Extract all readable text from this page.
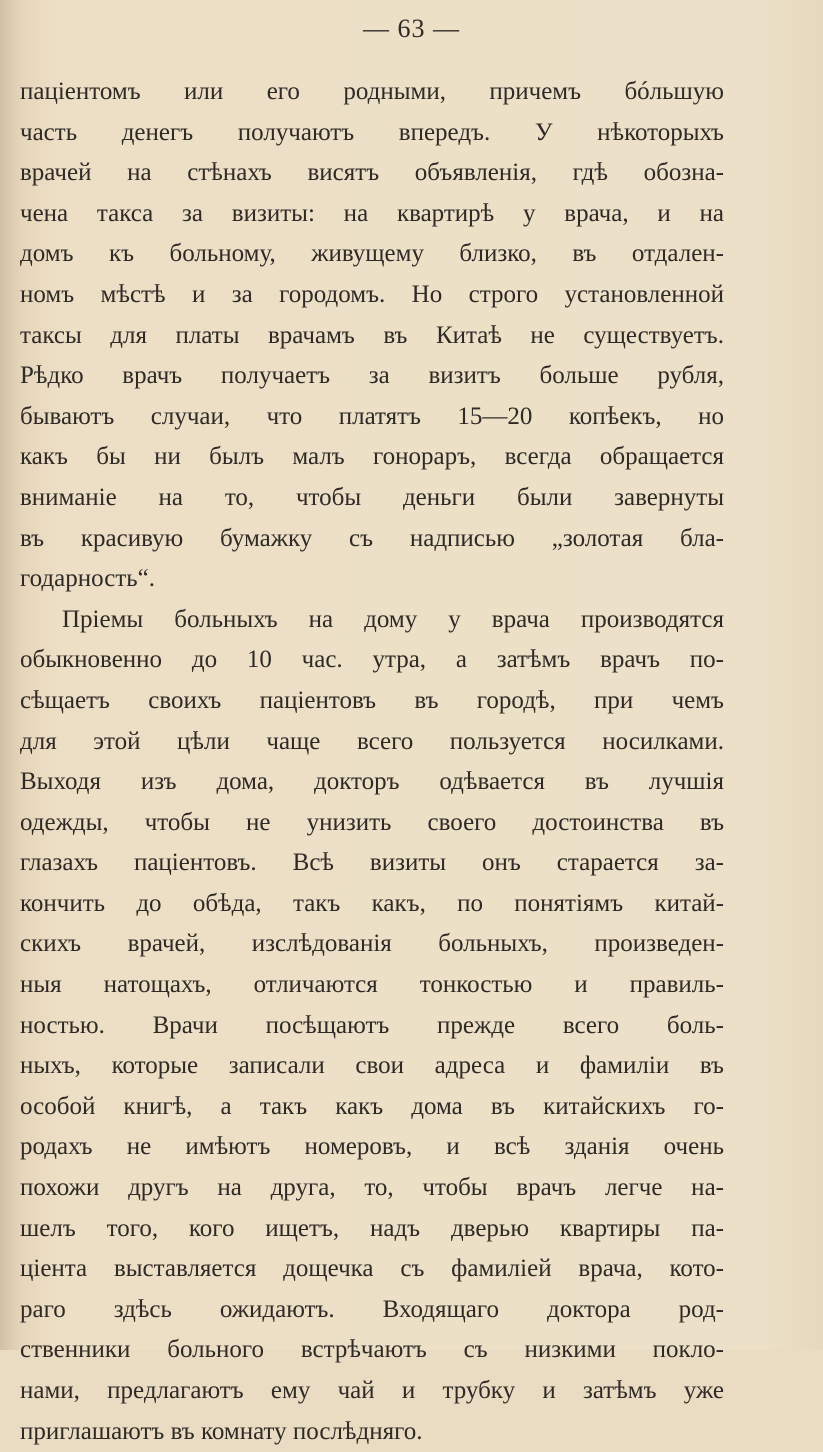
— 63 —
паціентомъ или его родными, причемъ бóльшую
часть денегъ получаютъ впередъ. У нѣкоторыхъ
врачей на стѣнахъ висятъ объявленія, гдѣ обозна-
чена такса за визиты: на квартирѣ у врача, и на
домъ къ больному, живущему близко, въ отдален-
номъ мѣстѣ и за городомъ. Но строго установленной
таксы для платы врачамъ въ Китаѣ не существуетъ.
Рѣдко врачъ получаетъ за визитъ больше рубля,
бываютъ случаи, что платятъ 15—20 копѣекъ, но
какъ бы ни былъ малъ гонораръ, всегда обращается
вниманіе на то, чтобы деньги были завернуты
въ красивую бумажку съ надписью „золотая бла-
годарность“.
Пріемы больныхъ на дому у врача производятся
обыкновенно до 10 час. утра, а затѣмъ врачъ по-
сѣщаетъ своихъ паціентовъ въ городѣ, при чемъ
для этой цѣли чаще всего пользуется носилками.
Выходя изъ дома, докторъ одѣвается въ лучшія
одежды, чтобы не унизить своего достоинства въ
глазахъ паціентовъ. Всѣ визиты онъ старается за-
кончить до обѣда, такъ какъ, по понятіямъ китай-
скихъ врачей, изслѣдованія больныхъ, произведен-
ныя натощахъ, отличаются тонкостью и правиль-
ностью. Врачи посѣщаютъ прежде всего боль-
ныхъ, которые записали свои адреса и фамиліи въ
особой книгѣ, а такъ какъ дома въ китайскихъ го-
родахъ не имѣютъ номеровъ, и всѣ зданія очень
похожи другъ на друга, то, чтобы врачъ легче на-
шелъ того, кого ищетъ, надъ дверью квартиры па-
ціента выставляется дощечка съ фамиліей врача, кото-
раго здѣсь ожидаютъ. Входящаго доктора род-
ственники больного встрѣчаютъ съ низкими покло-
нами, предлагаютъ ему чай и трубку и затѣмъ уже
приглашаютъ въ комнату послѣдняго.
